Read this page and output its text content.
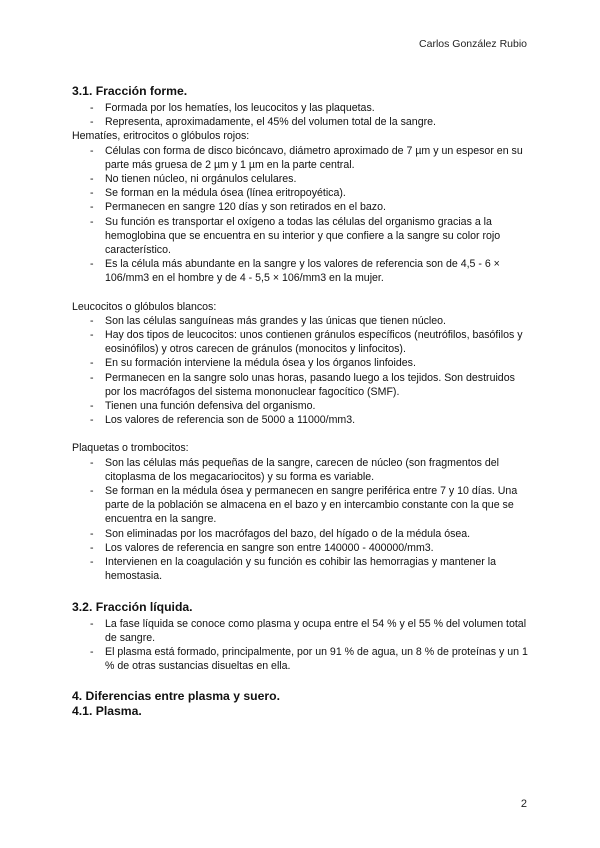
Carlos González Rubio
3.1. Fracción forme.
- Formada por los hematíes, los leucocitos y las plaquetas.
- Representa, aproximadamente, el 45% del volumen total de la sangre.

Hematíes, eritrocitos o glóbulos rojos:

- Células con forma de disco bicóncavo, diámetro aproximado de 7 µm y un espesor en su parte más gruesa de 2 µm y 1 µm en la parte central.
- No tienen núcleo, ni orgánulos celulares.
- Se forman en la médula ósea (línea eritropoyética).
- Permanecen en sangre 120 días y son retirados en el bazo.
- Su función es transportar el oxígeno a todas las células del organismo gracias a la hemoglobina que se encuentra en su interior y que confiere a la sangre su color rojo característico.
- Es la célula más abundante en la sangre y los valores de referencia son de 4,5 - 6 × 106/mm3 en el hombre y de 4 - 5,5 × 106/mm3 en la mujer.

Leucocitos o glóbulos blancos:

- Son las células sanguíneas más grandes y las únicas que tienen núcleo.
- Hay dos tipos de leucocitos: unos contienen gránulos específicos (neutrófilos, basófilos y eosinófilos) y otros carecen de gránulos (monocitos y linfocitos).
- En su formación interviene la médula ósea y los órganos linfoides.
- Permanecen en la sangre solo unas horas, pasando luego a los tejidos. Son destruidos por los macrófagos del sistema mononuclear fagocítico (SMF).
- Tienen una función defensiva del organismo.
- Los valores de referencia son de 5000 a 11000/mm3.

Plaquetas o trombocitos:

- Son las células más pequeñas de la sangre, carecen de núcleo (son fragmentos del citoplasma de los megacariocitos) y su forma es variable.
- Se forman en la médula ósea y permanecen en sangre periférica entre 7 y 10 días. Una parte de la población se almacena en el bazo y en intercambio constante con la que se encuentra en la sangre.
- Son eliminadas por los macrófagos del bazo, del hígado o de la médula ósea.
- Los valores de referencia en sangre son entre 140000 - 400000/mm3.
- Intervienen en la coagulación y su función es cohibir las hemorragias y mantener la hemostasia.
3.2. Fracción líquida.
- La fase líquida se conoce como plasma y ocupa entre el 54 % y el 55 % del volumen total de sangre.
- El plasma está formado, principalmente, por un 91 % de agua, un 8 % de proteínas y un 1 % de otras sustancias disueltas en ella.
4. Diferencias entre plasma y suero.
4.1. Plasma.
2
